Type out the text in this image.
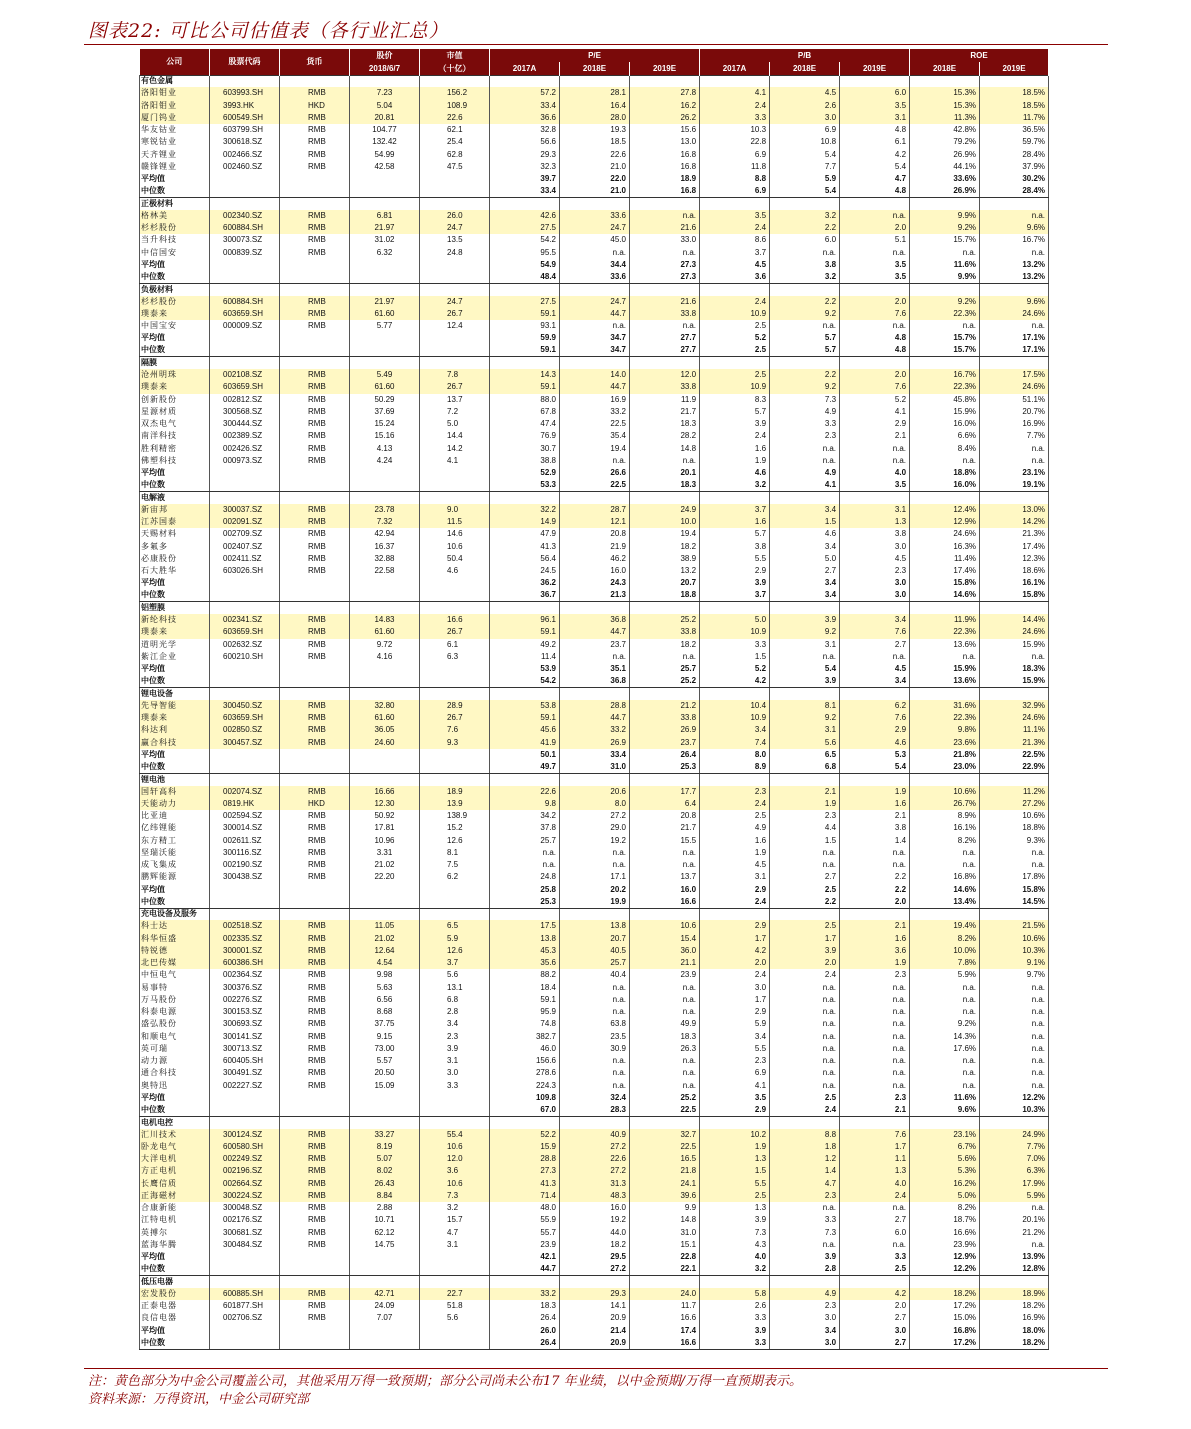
图表22: 可比公司估值表（各行业汇总）
公司	股票代码	货币	股价	市值	P/E			P/B			ROE	
			2018/6/7	（十亿）	2017A	2018E	2019E	2017A	2018E	2019E	2018E	2019E
有色金属												
洛阳钼业	603993.SH	RMB	7.23	156.2	57.2	28.1	27.8	4.1	4.5	6.0	15.3%	18.5%
洛阳钼业	3993.HK	HKD	5.04	108.9	33.4	16.4	16.2	2.4	2.6	3.5	15.3%	18.5%
厦门钨业	600549.SH	RMB	20.81	22.6	36.6	28.0	26.2	3.3	3.0	3.1	11.3%	11.7%
华友钴业	603799.SH	RMB	104.77	62.1	32.8	19.3	15.6	10.3	6.9	4.8	42.8%	36.5%
寒锐钴业	300618.SZ	RMB	132.42	25.4	56.6	18.5	13.0	22.8	10.8	6.1	79.2%	59.7%
天齐锂业	002466.SZ	RMB	54.99	62.8	29.3	22.6	16.8	6.9	5.4	4.2	26.9%	28.4%
赣锋锂业	002460.SZ	RMB	42.58	47.5	32.3	21.0	16.8	11.8	7.7	5.4	44.1%	37.9%
平均值					39.7	22.0	18.9	8.8	5.9	4.7	33.6%	30.2%
中位数					33.4	21.0	16.8	6.9	5.4	4.8	26.9%	28.4%
正极材料												
格林美	002340.SZ	RMB	6.81	26.0	42.6	33.6	n.a.	3.5	3.2	n.a.	9.9%	n.a.
杉杉股份	600884.SH	RMB	21.97	24.7	27.5	24.7	21.6	2.4	2.2	2.0	9.2%	9.6%
当升科技	300073.SZ	RMB	31.02	13.5	54.2	45.0	33.0	8.6	6.0	5.1	15.7%	16.7%
中信国安	000839.SZ	RMB	6.32	24.8	95.5	n.a.	n.a.	3.7	n.a.	n.a.	n.a.	n.a.
平均值					54.9	34.4	27.3	4.5	3.8	3.5	11.6%	13.2%
中位数					48.4	33.6	27.3	3.6	3.2	3.5	9.9%	13.2%
负极材料												
杉杉股份	600884.SH	RMB	21.97	24.7	27.5	24.7	21.6	2.4	2.2	2.0	9.2%	9.6%
璞泰来	603659.SH	RMB	61.60	26.7	59.1	44.7	33.8	10.9	9.2	7.6	22.3%	24.6%
中国宝安	000009.SZ	RMB	5.77	12.4	93.1	n.a.	n.a.	2.5	n.a.	n.a.	n.a.	n.a.
平均值					59.9	34.7	27.7	5.2	5.7	4.8	15.7%	17.1%
中位数					59.1	34.7	27.7	2.5	5.7	4.8	15.7%	17.1%
隔膜												
沧州明珠	002108.SZ	RMB	5.49	7.8	14.3	14.0	12.0	2.5	2.2	2.0	16.7%	17.5%
璞泰来	603659.SH	RMB	61.60	26.7	59.1	44.7	33.8	10.9	9.2	7.6	22.3%	24.6%
创新股份	002812.SZ	RMB	50.29	13.7	88.0	16.9	11.9	8.3	7.3	5.2	45.8%	51.1%
星源材质	300568.SZ	RMB	37.69	7.2	67.8	33.2	21.7	5.7	4.9	4.1	15.9%	20.7%
双杰电气	300444.SZ	RMB	15.24	5.0	47.4	22.5	18.3	3.9	3.3	2.9	16.0%	16.9%
南洋科技	002389.SZ	RMB	15.16	14.4	76.9	35.4	28.2	2.4	2.3	2.1	6.6%	7.7%
胜利精密	002426.SZ	RMB	4.13	14.2	30.7	19.4	14.8	1.6	n.a.	n.a.	8.4%	n.a.
佛塑科技	000973.SZ	RMB	4.24	4.1	38.8	n.a.	n.a.	1.9	n.a.	n.a.	n.a.	n.a.
平均值					52.9	26.6	20.1	4.6	4.9	4.0	18.8%	23.1%
中位数					53.3	22.5	18.3	3.2	4.1	3.5	16.0%	19.1%
电解液												
新宙邦	300037.SZ	RMB	23.78	9.0	32.2	28.7	24.9	3.7	3.4	3.1	12.4%	13.0%
江苏国泰	002091.SZ	RMB	7.32	11.5	14.9	12.1	10.0	1.6	1.5	1.3	12.9%	14.2%
天赐材料	002709.SZ	RMB	42.94	14.6	47.9	20.8	19.4	5.7	4.6	3.8	24.6%	21.3%
多氟多	002407.SZ	RMB	16.37	10.6	41.3	21.9	18.2	3.8	3.4	3.0	16.3%	17.4%
必康股份	002411.SZ	RMB	32.88	50.4	56.4	46.2	38.9	5.5	5.0	4.5	11.4%	12.3%
石大胜华	603026.SH	RMB	22.58	4.6	24.5	16.0	13.2	2.9	2.7	2.3	17.4%	18.6%
平均值					36.2	24.3	20.7	3.9	3.4	3.0	15.8%	16.1%
中位数					36.7	21.3	18.8	3.7	3.4	3.0	14.6%	15.8%
铝塑膜												
新纶科技	002341.SZ	RMB	14.83	16.6	96.1	36.8	25.2	5.0	3.9	3.4	11.9%	14.4%
璞泰来	603659.SH	RMB	61.60	26.7	59.1	44.7	33.8	10.9	9.2	7.6	22.3%	24.6%
道明光学	002632.SZ	RMB	9.72	6.1	49.2	23.7	18.2	3.3	3.1	2.7	13.6%	15.9%
紫江企业	600210.SH	RMB	4.16	6.3	11.4	n.a.	n.a.	1.5	n.a.	n.a.	n.a.	n.a.
平均值					53.9	35.1	25.7	5.2	5.4	4.5	15.9%	18.3%
中位数					54.2	36.8	25.2	4.2	3.9	3.4	13.6%	15.9%
锂电设备												
先导智能	300450.SZ	RMB	32.80	28.9	53.8	28.8	21.2	10.4	8.1	6.2	31.6%	32.9%
璞泰来	603659.SH	RMB	61.60	26.7	59.1	44.7	33.8	10.9	9.2	7.6	22.3%	24.6%
科达利	002850.SZ	RMB	36.05	7.6	45.6	33.2	26.9	3.4	3.1	2.9	9.8%	11.1%
赢合科技	300457.SZ	RMB	24.60	9.3	41.9	26.9	23.7	7.4	5.6	4.6	23.6%	21.3%
平均值					50.1	33.4	26.4	8.0	6.5	5.3	21.8%	22.5%
中位数					49.7	31.0	25.3	8.9	6.8	5.4	23.0%	22.9%
锂电池												
国轩高科	002074.SZ	RMB	16.66	18.9	22.6	20.6	17.7	2.3	2.1	1.9	10.6%	11.2%
天能动力	0819.HK	HKD	12.30	13.9	9.8	8.0	6.4	2.4	1.9	1.6	26.7%	27.2%
比亚迪	002594.SZ	RMB	50.92	138.9	34.2	27.2	20.8	2.5	2.3	2.1	8.9%	10.6%
亿纬锂能	300014.SZ	RMB	17.81	15.2	37.8	29.0	21.7	4.9	4.4	3.8	16.1%	18.8%
东方精工	002611.SZ	RMB	10.96	12.6	25.7	19.2	15.5	1.6	1.5	1.4	8.2%	9.3%
坚瑞沃能	300116.SZ	RMB	3.31	8.1	n.a.	n.a.	n.a.	1.9	n.a.	n.a.	n.a.	n.a.
成飞集成	002190.SZ	RMB	21.02	7.5	n.a.	n.a.	n.a.	4.5	n.a.	n.a.	n.a.	n.a.
鹏辉能源	300438.SZ	RMB	22.20	6.2	24.8	17.1	13.7	3.1	2.7	2.2	16.8%	17.8%
平均值					25.8	20.2	16.0	2.9	2.5	2.2	14.6%	15.8%
中位数					25.3	19.9	16.6	2.4	2.2	2.0	13.4%	14.5%
充电设备及服务												
科士达	002518.SZ	RMB	11.05	6.5	17.5	13.8	10.6	2.9	2.5	2.1	19.4%	21.5%
科华恒盛	002335.SZ	RMB	21.02	5.9	13.8	20.7	15.4	1.7	1.7	1.6	8.2%	10.6%
特锐德	300001.SZ	RMB	12.64	12.6	45.3	40.5	36.0	4.2	3.9	3.6	10.0%	10.3%
北巴传媒	600386.SH	RMB	4.54	3.7	35.6	25.7	21.1	2.0	2.0	1.9	7.8%	9.1%
中恒电气	002364.SZ	RMB	9.98	5.6	88.2	40.4	23.9	2.4	2.4	2.3	5.9%	9.7%
易事特	300376.SZ	RMB	5.63	13.1	18.4	n.a.	n.a.	3.0	n.a.	n.a.	n.a.	n.a.
万马股份	002276.SZ	RMB	6.56	6.8	59.1	n.a.	n.a.	1.7	n.a.	n.a.	n.a.	n.a.
科泰电源	300153.SZ	RMB	8.68	2.8	95.9	n.a.	n.a.	2.9	n.a.	n.a.	n.a.	n.a.
盛弘股份	300693.SZ	RMB	37.75	3.4	74.8	63.8	49.9	5.9	n.a.	n.a.	9.2%	n.a.
和顺电气	300141.SZ	RMB	9.15	2.3	382.7	23.5	18.3	3.4	n.a.	n.a.	14.3%	n.a.
英可瑞	300713.SZ	RMB	73.00	3.9	46.0	30.9	26.3	5.5	n.a.	n.a.	17.6%	n.a.
动力源	600405.SH	RMB	5.57	3.1	156.6	n.a.	n.a.	2.3	n.a.	n.a.	n.a.	n.a.
通合科技	300491.SZ	RMB	20.50	3.0	278.6	n.a.	n.a.	6.9	n.a.	n.a.	n.a.	n.a.
奥特迅	002227.SZ	RMB	15.09	3.3	224.3	n.a.	n.a.	4.1	n.a.	n.a.	n.a.	n.a.
平均值					109.8	32.4	25.2	3.5	2.5	2.3	11.6%	12.2%
中位数					67.0	28.3	22.5	2.9	2.4	2.1	9.6%	10.3%
电机电控												
汇川技术	300124.SZ	RMB	33.27	55.4	52.2	40.9	32.7	10.2	8.8	7.6	23.1%	24.9%
卧龙电气	600580.SH	RMB	8.19	10.6	15.9	27.2	22.5	1.9	1.8	1.7	6.7%	7.7%
大洋电机	002249.SZ	RMB	5.07	12.0	28.8	22.6	16.5	1.3	1.2	1.1	5.6%	7.0%
方正电机	002196.SZ	RMB	8.02	3.6	27.3	27.2	21.8	1.5	1.4	1.3	5.3%	6.3%
长鹰信质	002664.SZ	RMB	26.43	10.6	41.3	31.3	24.1	5.5	4.7	4.0	16.2%	17.9%
正海磁材	300224.SZ	RMB	8.84	7.3	71.4	48.3	39.6	2.5	2.3	2.4	5.0%	5.9%
合康新能	300048.SZ	RMB	2.88	3.2	48.0	16.0	9.9	1.3	n.a.	n.a.	8.2%	n.a.
江特电机	002176.SZ	RMB	10.71	15.7	55.9	19.2	14.8	3.9	3.3	2.7	18.7%	20.1%
英搏尔	300681.SZ	RMB	62.12	4.7	55.7	44.0	31.0	7.3	7.3	6.0	16.6%	21.2%
蓝海华腾	300484.SZ	RMB	14.75	3.1	23.9	18.2	15.1	4.3	n.a.	n.a.	23.9%	n.a.
平均值					42.1	29.5	22.8	4.0	3.9	3.3	12.9%	13.9%
中位数					44.7	27.2	22.1	3.2	2.8	2.5	12.2%	12.8%
低压电器												
宏发股份	600885.SH	RMB	42.71	22.7	33.2	29.3	24.0	5.8	4.9	4.2	18.2%	18.9%
正泰电器	601877.SH	RMB	24.09	51.8	18.3	14.1	11.7	2.6	2.3	2.0	17.2%	18.2%
良信电器	002706.SZ	RMB	7.07	5.6	26.4	20.9	16.6	3.3	3.0	2.7	15.0%	16.9%
平均值					26.0	21.4	17.4	3.9	3.4	3.0	16.8%	18.0%
中位数					26.4	20.9	16.6	3.3	3.0	2.7	17.2%	18.2%
注：黄色部分为中金公司覆盖公司，其他采用万得一致预期；部分公司尚未公布17 年业绩，以中金预期/万得一直预期表示。
资料来源：万得资讯，中金公司研究部
